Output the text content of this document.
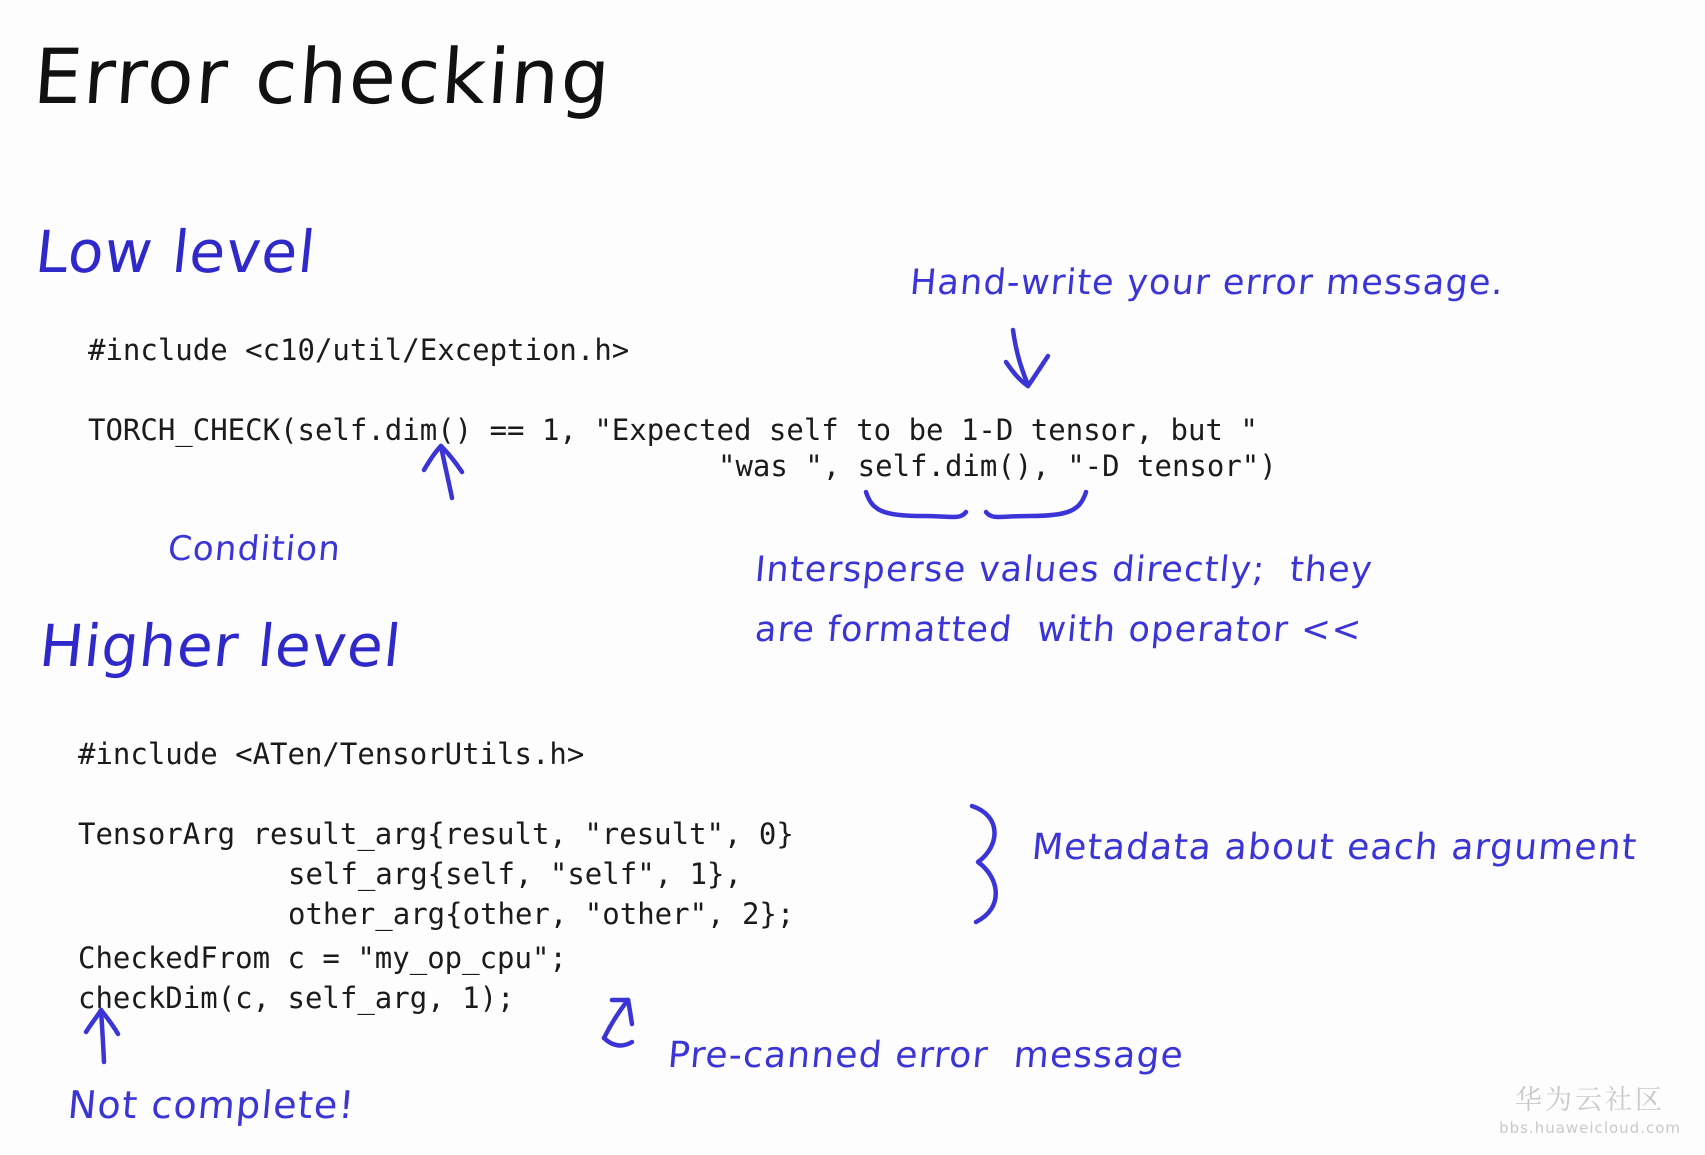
Error checking
Low level
#include <c10/util/Exception.h>
TORCH_CHECK(self.dim() == 1, "Expected self to be 1-D tensor, but "
"was ", self.dim(), "-D tensor")
Hand-write your error message.
Condition
Intersperse values directly;  they
are formatted  with operator <<
Higher level
#include <ATen/TensorUtils.h>
TensorArg result_arg{result, "result", 0}
self_arg{self, "self", 1},
other_arg{other, "other", 2};
CheckedFrom c = "my_op_cpu";
checkDim(c, self_arg, 1);
Metadata about each argument
Pre-canned error  message
Not complete!	华为云社区
bbs.huaweicloud.com
